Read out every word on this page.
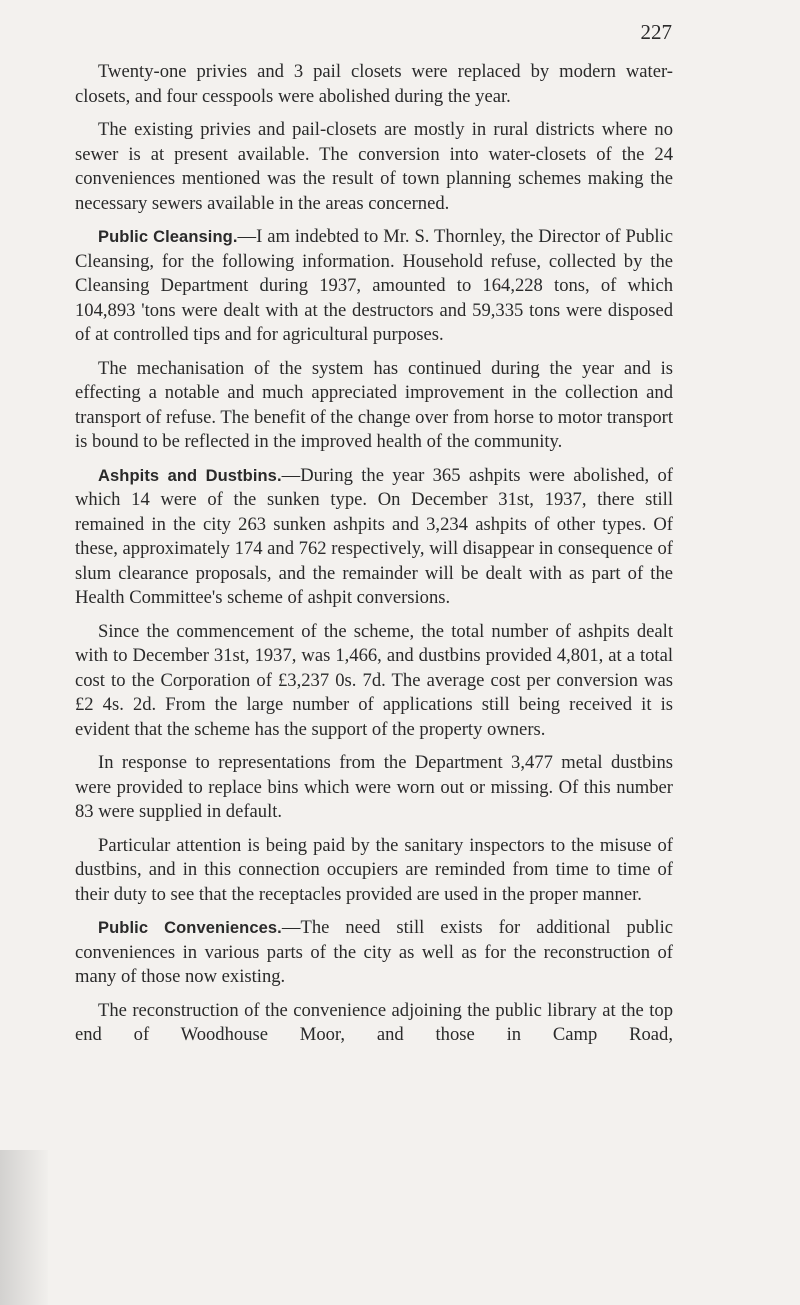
227

Twenty-one privies and 3 pail closets were replaced by modern water-closets, and four cesspools were abolished during the year.

The existing privies and pail-closets are mostly in rural districts where no sewer is at present available. The conversion into water-closets of the 24 conveniences mentioned was the result of town planning schemes making the necessary sewers available in the areas concerned.

Public Cleansing.—I am indebted to Mr. S. Thornley, the Director of Public Cleansing, for the following information. Household refuse, collected by the Cleansing Department during 1937, amounted to 164,228 tons, of which 104,893 'tons were dealt with at the destructors and 59,335 tons were disposed of at controlled tips and for agricultural purposes.

The mechanisation of the system has continued during the year and is effecting a notable and much appreciated improvement in the collection and transport of refuse. The benefit of the change over from horse to motor transport is bound to be reflected in the improved health of the community.

Ashpits and Dustbins.—During the year 365 ashpits were abolished, of which 14 were of the sunken type. On December 31st, 1937, there still remained in the city 263 sunken ashpits and 3,234 ashpits of other types. Of these, approximately 174 and 762 respectively, will disappear in consequence of slum clearance proposals, and the remainder will be dealt with as part of the Health Committee's scheme of ashpit conversions.

Since the commencement of the scheme, the total number of ashpits dealt with to December 31st, 1937, was 1,466, and dustbins provided 4,801, at a total cost to the Corporation of £3,237 0s. 7d. The average cost per conversion was £2 4s. 2d. From the large number of applications still being received it is evident that the scheme has the support of the property owners.

In response to representations from the Department 3,477 metal dustbins were provided to replace bins which were worn out or missing. Of this number 83 were supplied in default.

Particular attention is being paid by the sanitary inspectors to the misuse of dustbins, and in this connection occupiers are reminded from time to time of their duty to see that the receptacles provided are used in the proper manner.

Public Conveniences.—The need still exists for additional public conveniences in various parts of the city as well as for the reconstruction of many of those now existing.

The reconstruction of the convenience adjoining the public library at the top end of Woodhouse Moor, and those in Camp Road,
